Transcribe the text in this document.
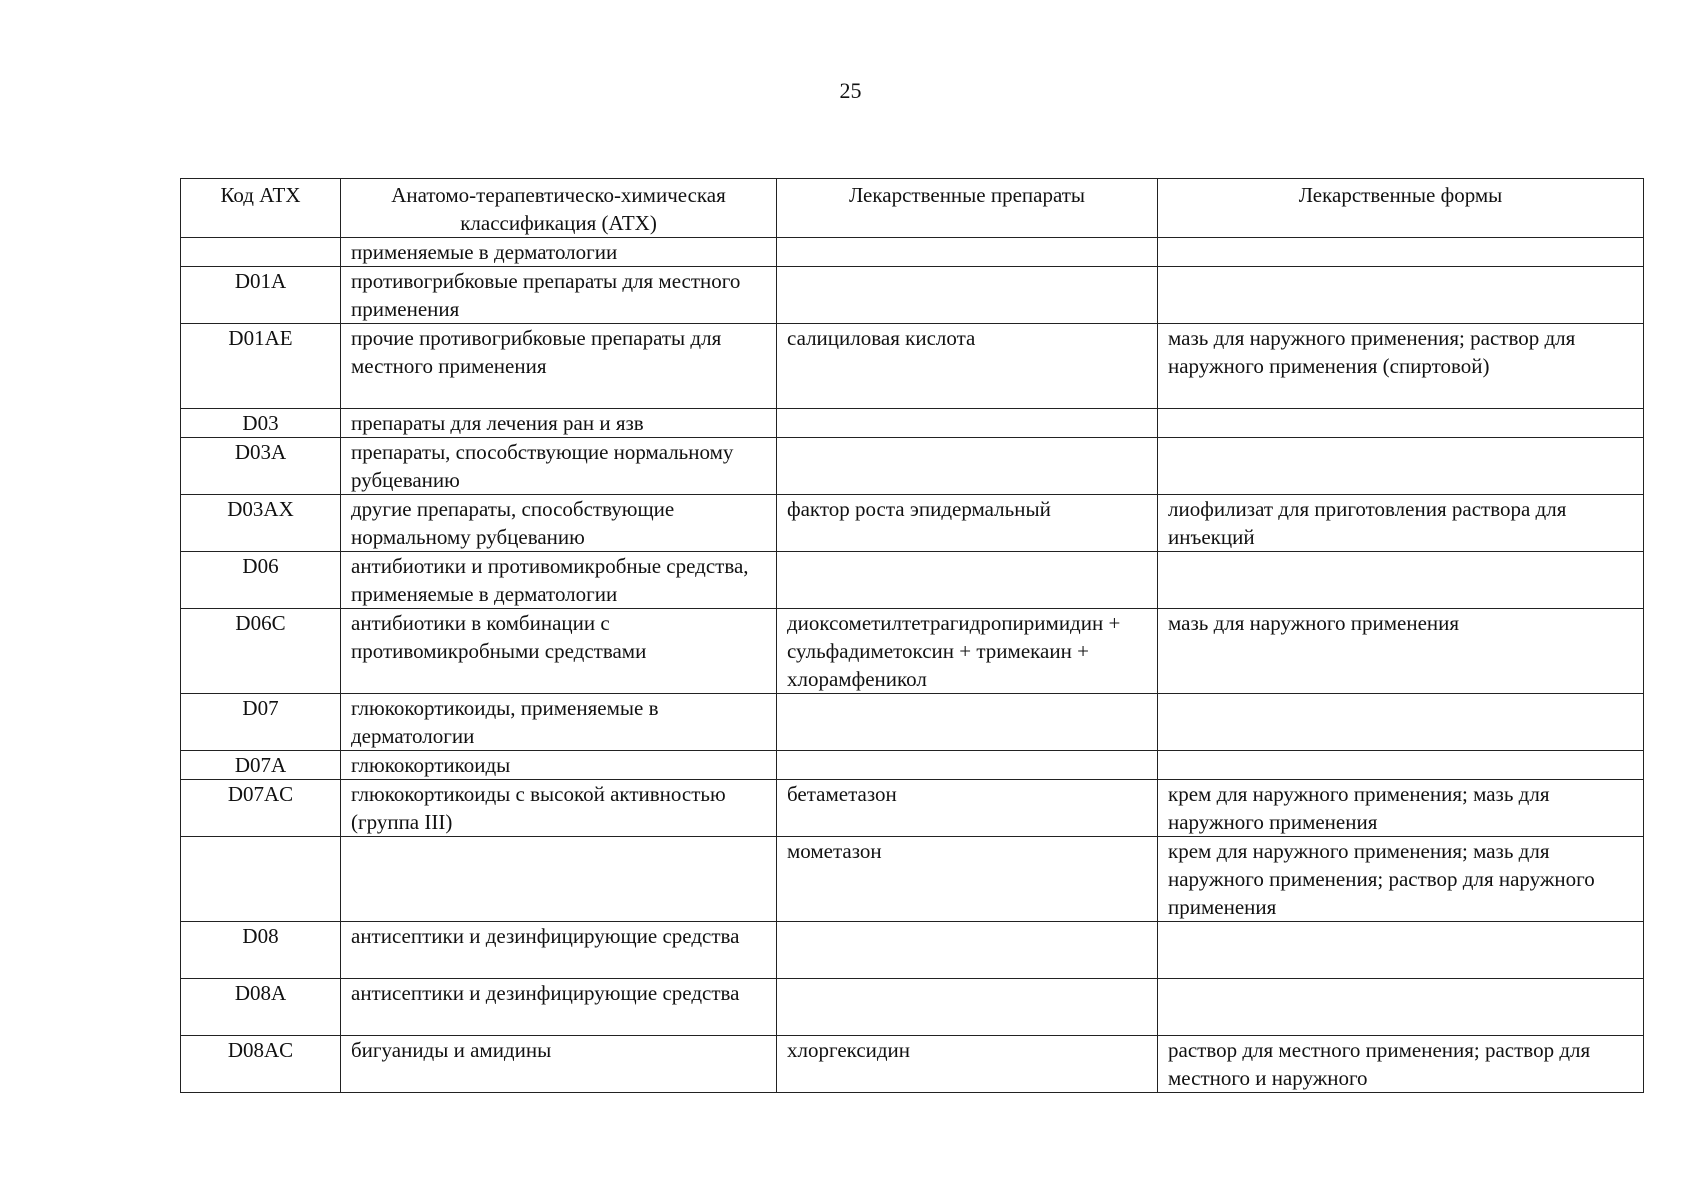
25
Код АТХ	Анатомо-терапевтическо-химическая классификация (АТХ)	Лекарственные препараты	Лекарственные формы
	применяемые в дерматологии		
D01A	противогрибковые препараты для местного применения		
D01AE	прочие противогрибковые препараты для местного применения	салициловая кислота	мазь для наружного применения; раствор для наружного применения (спиртовой)
D03	препараты для лечения ран и язв		
D03A	препараты, способствующие нормальному рубцеванию		
D03AX	другие препараты, способствующие нормальному рубцеванию	фактор роста эпидермальный	лиофилизат для приготовления раствора для инъекций
D06	антибиотики и противомикробные средства, применяемые в дерматологии		
D06C	антибиотики в комбинации с противомикробными средствами	диоксометилтетрагидропиримидин + сульфадиметоксин + тримекаин + хлорамфеникол	мазь для наружного применения
D07	глюкокортикоиды, применяемые в дерматологии		
D07A	глюкокортикоиды		
D07AC	глюкокортикоиды с высокой активностью (группа III)	бетаметазон	крем для наружного применения; мазь для наружного применения
		мометазон	крем для наружного применения; мазь для наружного применения; раствор для наружного применения
D08	антисептики и дезинфицирующие средства		
D08A	антисептики и дезинфицирующие средства		
D08AC	бигуаниды и амидины	хлоргексидин	раствор для местного применения; раствор для местного и наружного
